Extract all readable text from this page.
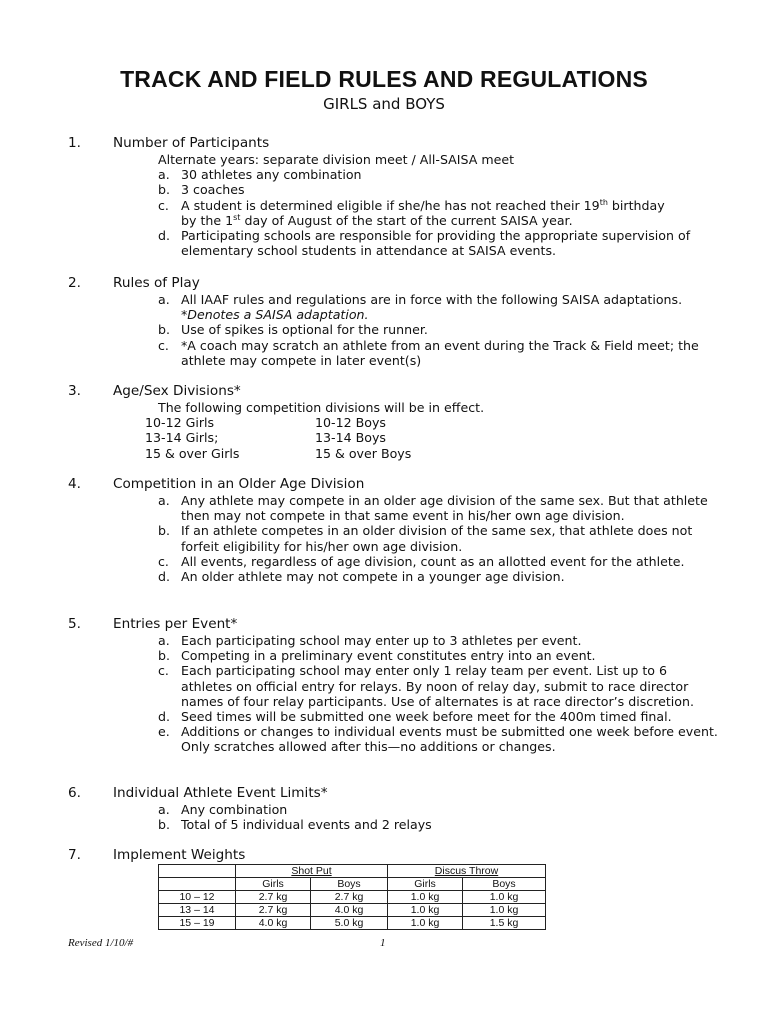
TRACK AND FIELD RULES AND REGULATIONS
GIRLS and BOYS
1.	Number of Participants
Alternate years: separate division meet / All-SAISA meet
a. 30 athletes any combination
b. 3 coaches
c. A student is determined eligible if she/he has not reached their 19th birthday
by the 1st day of August of the start of the current SAISA year.
d. Participating schools are responsible for providing the appropriate supervision of elementary school students in attendance at SAISA events.
2.	Rules of Play
a. All IAAF rules and regulations are in force with the following SAISA adaptations. *Denotes a SAISA adaptation.
b. Use of spikes is optional for the runner.
c. *A coach may scratch an athlete from an event during the Track & Field meet; the athlete may compete in later event(s)
3.	Age/Sex Divisions*
The following competition divisions will be in effect.
10-12 Girls	10-12 Boys
13-14 Girls;	13-14 Boys
15 & over Girls	15 & over Boys
4.	Competition in an Older Age Division
a. Any athlete may compete in an older age division of the same sex. But that athlete then may not compete in that same event in his/her own age division.
b. If an athlete competes in an older division of the same sex, that athlete does not forfeit eligibility for his/her own age division.
c. All events, regardless of age division, count as an allotted event for the athlete.
d. An older athlete may not compete in a younger age division.
5.	Entries per Event*
a. Each participating school may enter up to 3 athletes per event.
b. Competing in a preliminary event constitutes entry into an event.
c. Each participating school may enter only 1 relay team per event. List up to 6 athletes on official entry for relays. By noon of relay day, submit to race director names of four relay participants. Use of alternates is at race director’s discretion.
d. Seed times will be submitted one week before meet for the 400m timed final.
e. Additions or changes to individual events must be submitted one week before event. Only scratches allowed after this—no additions or changes.
6.	Individual Athlete Event Limits*
a. Any combination
b. Total of 5 individual events and 2 relays
7.	Implement Weights
	Shot Put		Discus Throw	
	Girls	Boys	Girls	Boys
10 – 12	2.7 kg	2.7 kg	1.0 kg	1.0 kg
13 – 14	2.7 kg	4.0 kg	1.0 kg	1.0 kg
15 – 19	4.0 kg	5.0 kg	1.0 kg	1.5 kg
Revised 1/10/#	1
